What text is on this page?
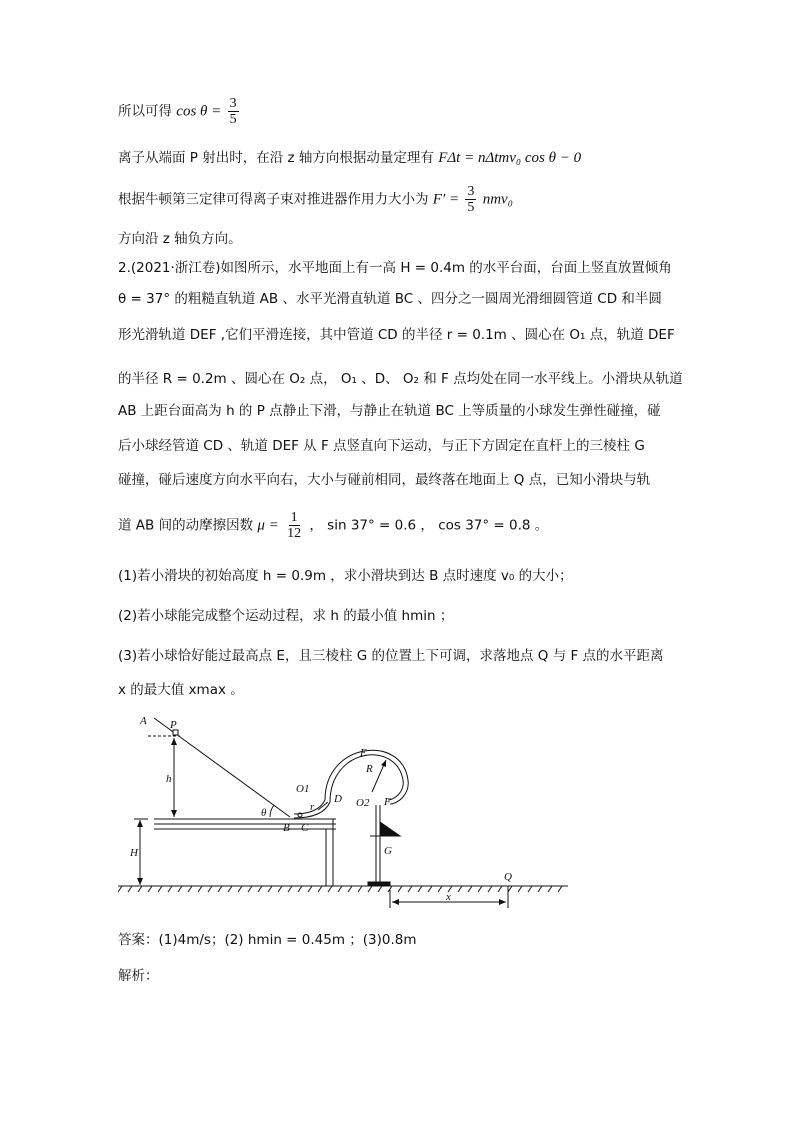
所以可得 $\cos \theta = \frac{3}{5}$
离子从端面 P 射出时，在沿 z 轴方向根据动量定理有 FΔt = nΔtmv₀ cos θ − 0
根据牛顿第三定律可得离子束对推进器作用力大小为 $F' = \frac{3}{5} nmv_0$
方向沿 z 轴负方向。
2.(2021·浙江卷)如图所示，水平地面上有一高 H = 0.4m 的水平台面，台面上竖直放置倾角
θ = 37° 的粗糙直轨道 AB 、水平光滑直轨道 BC 、四分之一圆周光滑细圆管道 CD 和半圆
形光滑轨道 DEF ,它们平滑连接，其中管道 CD 的半径 r = 0.1m 、圆心在 O₁ 点，轨道 DEF
的半径 R = 0.2m 、圆心在 O₂ 点， O₁ 、D、 O₂ 和 F 点均处在同一水平线上。小滑块从轨道
AB 上距台面高为 h 的 P 点静止下滑，与静止在轨道 BC 上等质量的小球发生弹性碰撞，碰
后小球经管道 CD 、轨道 DEF 从 F 点竖直向下运动，与正下方固定在直杆上的三棱柱 G
碰撞，碰后速度方向水平向右，大小与碰前相同，最终落在地面上 Q 点，已知小滑块与轨
道 AB 间的动摩擦因数 $\mu = \frac{1}{12}$ ， sin 37° = 0.6 ， cos 37° = 0.8 。
(1)若小滑块的初始高度 h = 0.9m ，求小滑块到达 B 点时速度 v₀ 的大小；
(2)若小球能完成整个运动过程，求 h 的最小值 hmin ；
(3)若小球恰好能过最高点 E，且三棱柱 G 的位置上下可调，求落地点 Q 与 F 点的水平距离
x 的最大值 xmax 。
A P
h
θ
B C
H
O1
r
D
E
R
O2 F
G
Q
x
答案：(1)4m/s；(2) hmin = 0.45m ；(3)0.8m
解析：
